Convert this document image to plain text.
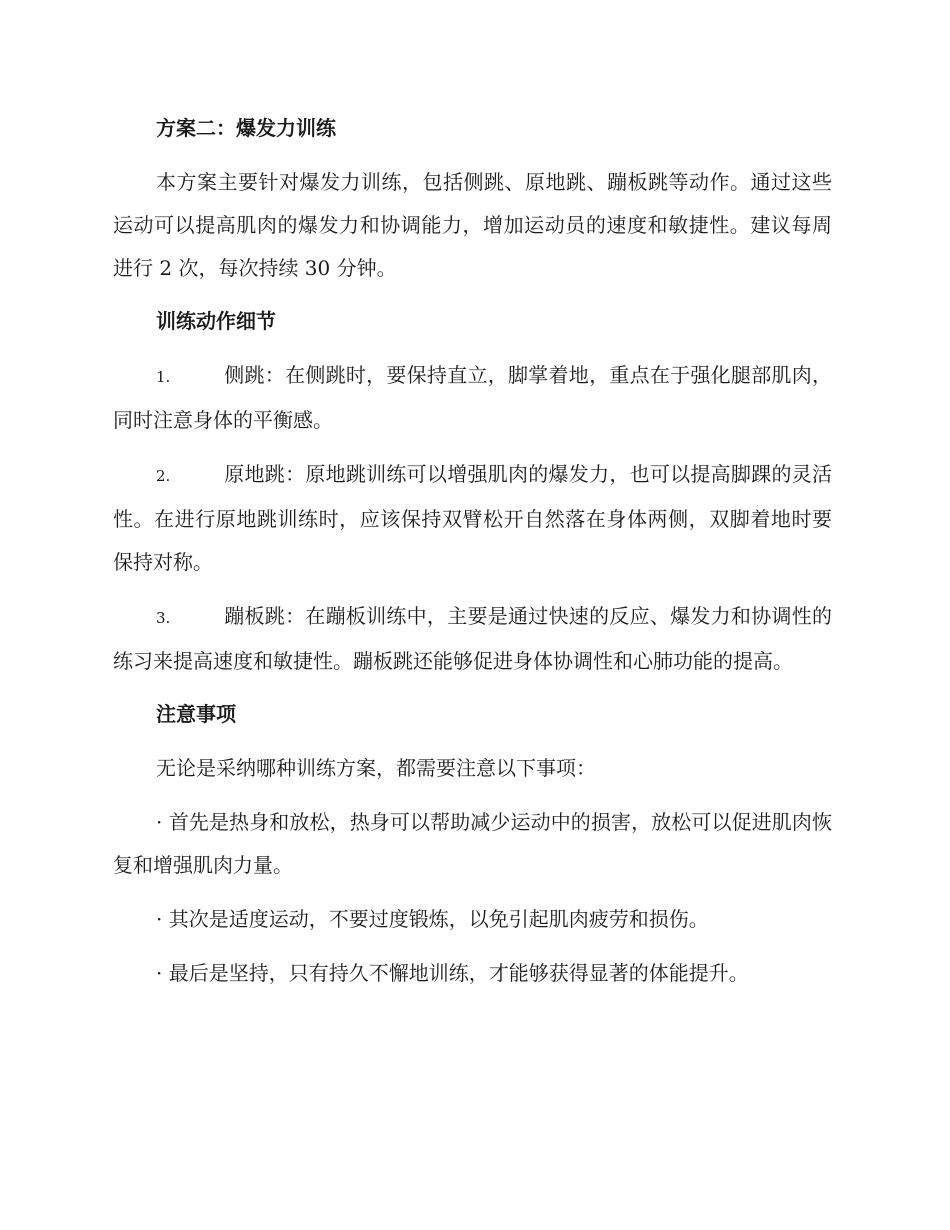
方案二：爆发力训练

本方案主要针对爆发力训练，包括侧跳、原地跳、蹦板跳等动作。通过这些运动可以提高肌肉的爆发力和协调能力，增加运动员的速度和敏捷性。建议每周进行 2 次，每次持续 30 分钟。

训练动作细节

1.	侧跳：在侧跳时，要保持直立，脚掌着地，重点在于强化腿部肌肉，同时注意身体的平衡感。

2.	原地跳：原地跳训练可以增强肌肉的爆发力，也可以提高脚踝的灵活性。在进行原地跳训练时，应该保持双臂松开自然落在身体两侧，双脚着地时要保持对称。

3.	蹦板跳：在蹦板训练中，主要是通过快速的反应、爆发力和协调性的练习来提高速度和敏捷性。蹦板跳还能够促进身体协调性和心肺功能的提高。

注意事项

无论是采纳哪种训练方案，都需要注意以下事项：

· 首先是热身和放松，热身可以帮助减少运动中的损害，放松可以促进肌肉恢复和增强肌肉力量。

· 其次是适度运动，不要过度锻炼，以免引起肌肉疲劳和损伤。

· 最后是坚持，只有持久不懈地训练，才能够获得显著的体能提升。
